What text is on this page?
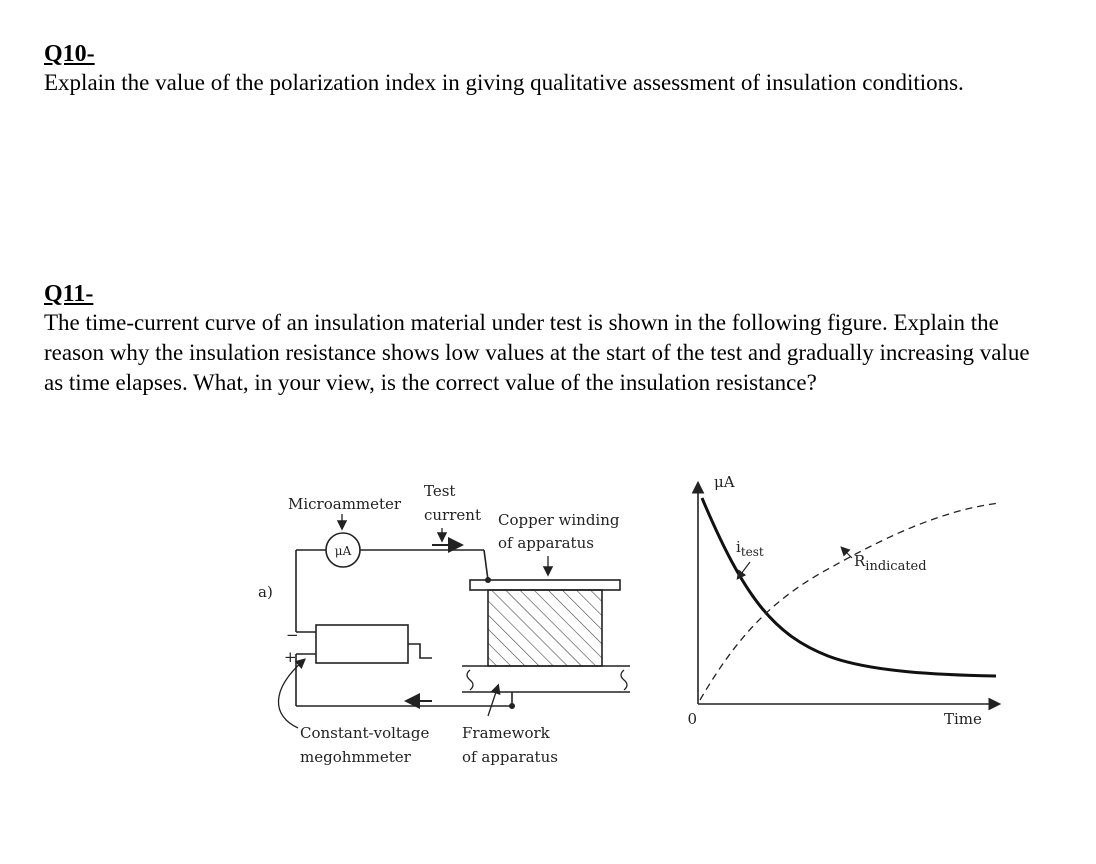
Q10-
Explain the value of the polarization index in giving qualitative assessment of insulation conditions.
Q11-
The time-current curve of an insulation material under test is shown in the following figure. Explain the reason why the insulation resistance shows low values at the start of the test and gradually increasing value as time elapses. What, in your view, is the correct value of the insulation resistance?
a)
μA
−
+
Microammeter
Test
current Copper winding
of apparatus
Constant-voltage
megohmmeter
Framework
of apparatus
μA
Time
0
$i_{test}$	Rindicated
